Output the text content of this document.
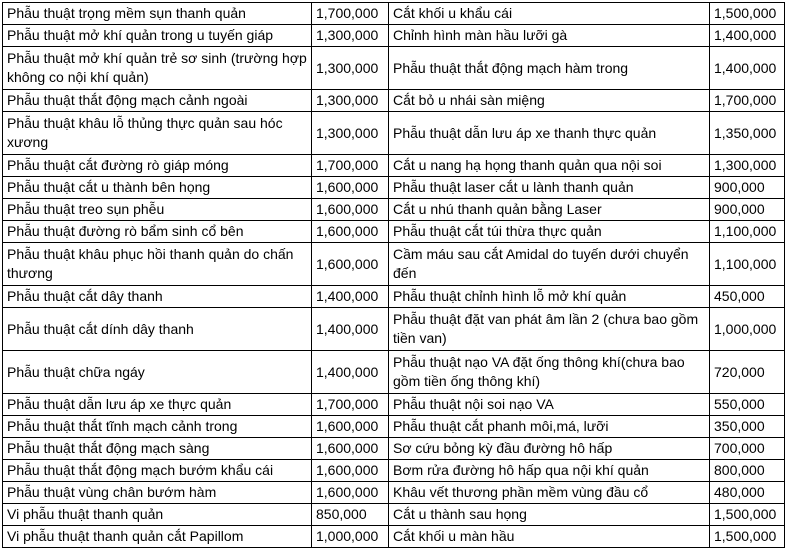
Phẫu thuật trọng mềm sụn thanh quản	1,700,000	Cắt khối u khẩu cái	1,500,000
Phẫu thuật mở khí quản trong u tuyến giáp	1,300,000	Chỉnh hình màn hầu lưỡi gà	1,400,000
Phẫu thuật mở khí quản trẻ sơ sinh (trường hợp không co nội khí quản)	1,300,000	Phẫu thuật thắt động mạch hàm trong	1,400,000
Phẫu thuật thắt động mạch cảnh ngoài	1,300,000	Cắt bỏ u nhái sàn miệng	1,700,000
Phẫu thuật khâu lỗ thủng thực quản sau hóc xương	1,300,000	Phẫu thuật dẫn lưu áp xe thanh thực quản	1,350,000
Phẫu thuật cắt đường rò giáp móng	1,700,000	Cắt u nang hạ họng thanh quản qua nội soi	1,300,000
Phẫu thuật cắt u thành bên họng	1,600,000	Phẫu thuật laser cắt u lành thanh quản	900,000
Phẫu thuật treo sụn phễu	1,600,000	Cắt u nhú thanh quản bằng Laser	900,000
Phẫu thuật đường rò bẩm sinh cổ bên	1,600,000	Phẫu thuật cắt túi thừa thực quản	1,100,000
Phẫu thuật khâu phục hồi thanh quản do chấn thương	1,600,000	Cầm máu sau cắt Amidal do tuyến dưới chuyển đến	1,100,000
Phẫu thuật cắt dây thanh	1,400,000	Phẫu thuật chỉnh hình lỗ mở khí quản	450,000
Phẫu thuật cắt dính dây thanh	1,400,000	Phẫu thuật đặt van phát âm lần 2 (chưa bao gồm tiền van)	1,000,000
Phẫu thuật chữa ngáy	1,400,000	Phẫu thuật nạo VA đặt ống thông khí(chưa bao gồm tiền ống thông khí)	720,000
Phẫu thuật dẫn lưu áp xe thực quản	1,700,000	Phẫu thuật nội soi nạo VA	550,000
Phẫu thuật thắt tĩnh mạch cảnh trong	1,600,000	Phẫu thuật cắt phanh môi,má, lưỡi	350,000
Phẫu thuật thắt động mạch sàng	1,600,000	Sơ cứu bỏng kỳ đầu đường hô hấp	700,000
Phẫu thuật thắt động mạch bướm khẩu cái	1,600,000	Bơm rửa đường hô hấp qua nội khí quản	800,000
Phẫu thuật vùng chân bướm hàm	1,600,000	Khâu vết thương phần mềm vùng đầu cổ	480,000
Vi phẫu thuật thanh quản	850,000	Cắt u thành sau họng	1,500,000
Vi phẫu thuật thanh quản cắt Papillom	1,000,000	Cắt khối u màn hầu	1,500,000
